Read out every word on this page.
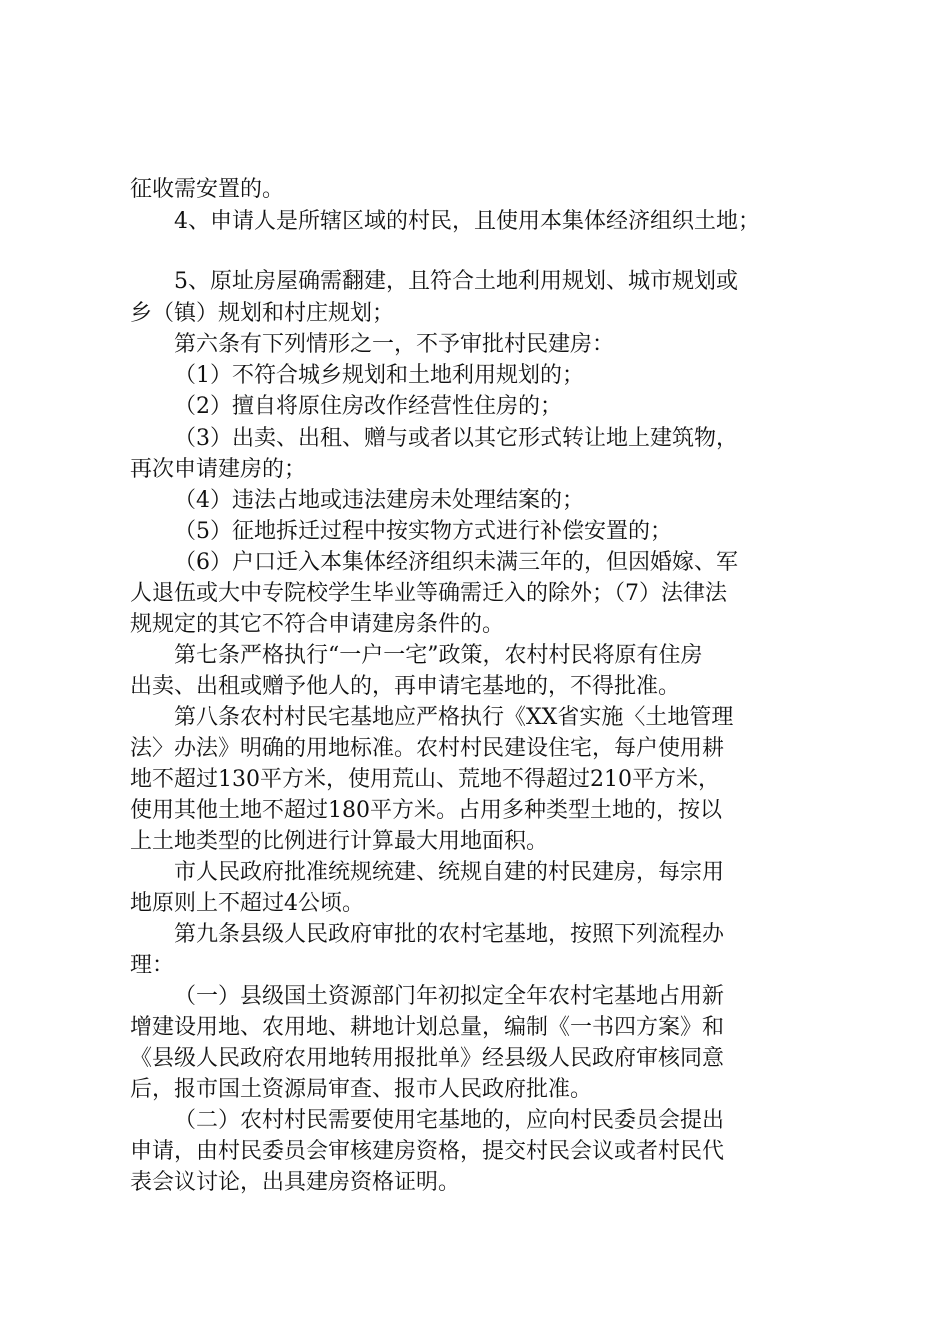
征收需安置的。
4、申请人是所辖区域的村民，且使用本集体经济组织土地；
5、原址房屋确需翻建，且符合土地利用规划、城市规划或
乡（镇）规划和村庄规划；
第六条有下列情形之一，不予审批村民建房：
（1）不符合城乡规划和土地利用规划的；
（2）擅自将原住房改作经营性住房的；
（3）出卖、出租、赠与或者以其它形式转让地上建筑物，
再次申请建房的；
（4）违法占地或违法建房未处理结案的；
（5）征地拆迁过程中按实物方式进行补偿安置的；
（6）户口迁入本集体经济组织未满三年的，但因婚嫁、军
人退伍或大中专院校学生毕业等确需迁入的除外；（7）法律法
规规定的其它不符合申请建房条件的。
第七条严格执行“一户一宅”政策，农村村民将原有住房
出卖、出租或赠予他人的，再申请宅基地的，不得批准。
第八条农村村民宅基地应严格执行《XX省实施〈土地管理
法〉办法》明确的用地标准。农村村民建设住宅，每户使用耕
地不超过130平方米，使用荒山、荒地不得超过210平方米，
使用其他土地不超过180平方米。占用多种类型土地的，按以
上土地类型的比例进行计算最大用地面积。
市人民政府批准统规统建、统规自建的村民建房，每宗用
地原则上不超过4公顷。
第九条县级人民政府审批的农村宅基地，按照下列流程办
理：
（一）县级国土资源部门年初拟定全年农村宅基地占用新
增建设用地、农用地、耕地计划总量，编制《一书四方案》和
《县级人民政府农用地转用报批单》经县级人民政府审核同意
后，报市国土资源局审查、报市人民政府批准。
（二）农村村民需要使用宅基地的，应向村民委员会提出
申请，由村民委员会审核建房资格，提交村民会议或者村民代
表会议讨论，出具建房资格证明。
